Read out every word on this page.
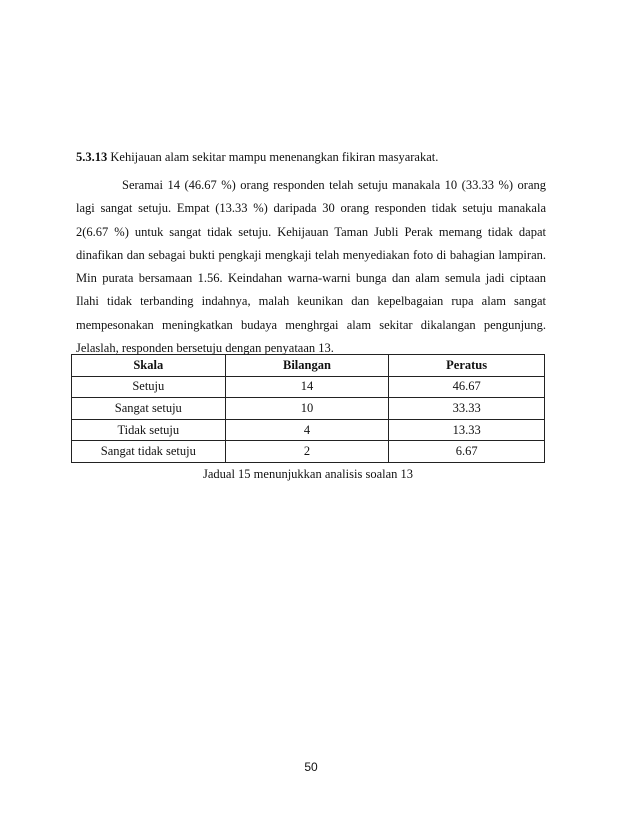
5.3.13 Kehijauan alam sekitar mampu menenangkan fikiran masyarakat.
Seramai 14 (46.67 %) orang responden telah setuju manakala 10 (33.33 %) orang lagi sangat setuju. Empat (13.33 %) daripada 30 orang responden tidak setuju manakala 2(6.67 %) untuk sangat tidak setuju. Kehijauan Taman Jubli Perak memang tidak dapat dinafikan dan sebagai bukti pengkaji mengkaji telah menyediakan foto di bahagian lampiran. Min purata bersamaan 1.56. Keindahan warna-warni bunga dan alam semula jadi ciptaan Ilahi tidak terbanding indahnya, malah keunikan dan kepelbagaian rupa alam sangat mempesonakan meningkatkan budaya menghrgai alam sekitar dikalangan pengunjung. Jelaslah, responden bersetuju dengan penyataan 13.
Skala	Bilangan	Peratus
Setuju	14	46.67
Sangat setuju	10	33.33
Tidak setuju	4	13.33
Sangat tidak setuju	2	6.67
Jadual 15 menunjukkan analisis soalan 13
50
